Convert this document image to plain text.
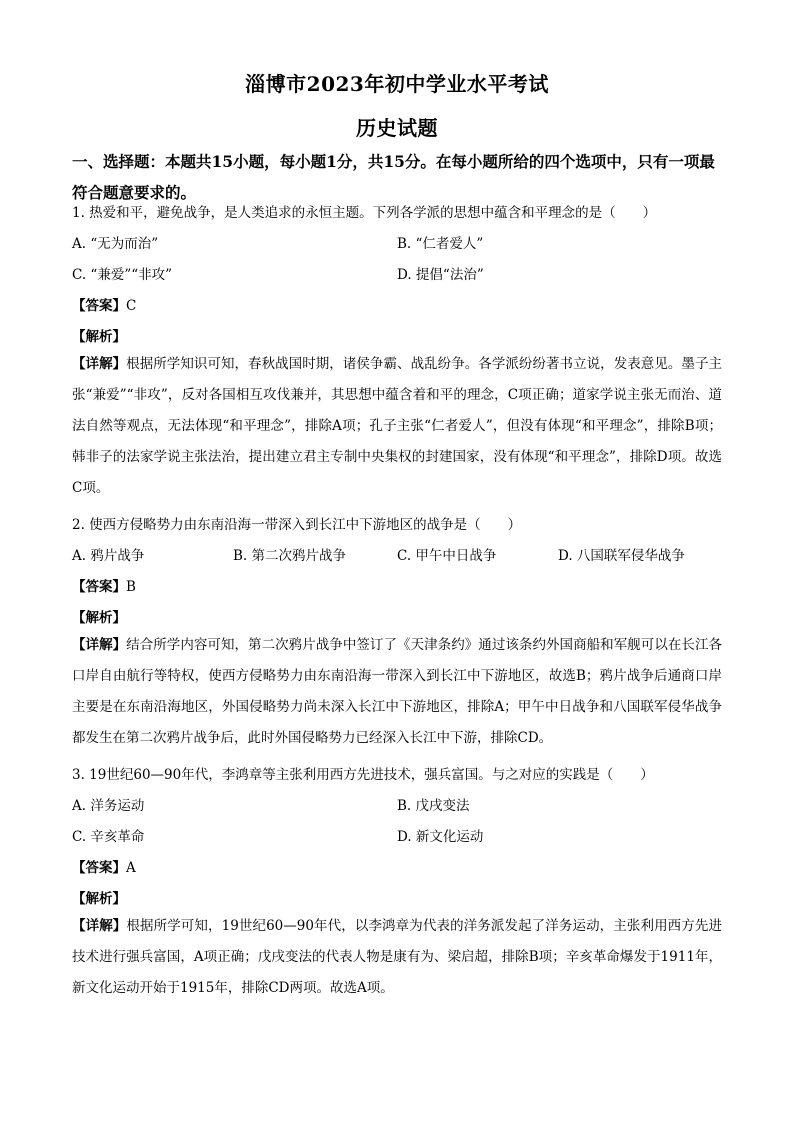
淄博市2023年初中学业水平考试
历史试题
一、选择题：本题共15小题，每小题1分，共15分。在每小题所给的四个选项中，只有一项最符合题意要求的。
1. 热爱和平，避免战争，是人类追求的永恒主题。下列各学派的思想中蕴含和平理念的是（　　）
A. “无为而治”	B. “仁者爱人”
C. “兼爱”“非攻”	D. 提倡“法治”
【答案】C
【解析】
【详解】根据所学知识可知，春秋战国时期，诸侯争霸、战乱纷争。各学派纷纷著书立说，发表意见。墨子主张“兼爱”“非攻”，反对各国相互攻伐兼并，其思想中蕴含着和平的理念，C项正确；道家学说主张无而治、道法自然等观点，无法体现“和平理念”，排除A项；孔子主张“仁者爱人”，但没有体现“和平理念”，排除B项；韩非子的法家学说主张法治，提出建立君主专制中央集权的封建国家，没有体现“和平理念”，排除D项。故选C项。
2. 使西方侵略势力由东南沿海一带深入到长江中下游地区的战争是（　　）
A. 鸦片战争	B. 第二次鸦片战争	C. 甲午中日战争	D. 八国联军侵华战争
【答案】B
【解析】
【详解】结合所学内容可知，第二次鸦片战争中签订了《天津条约》通过该条约外国商船和军舰可以在长江各口岸自由航行等特权，使西方侵略势力由东南沿海一带深入到长江中下游地区，故选B；鸦片战争后通商口岸主要是在东南沿海地区，外国侵略势力尚未深入长江中下游地区，排除A；甲午中日战争和八国联军侵华战争都发生在第二次鸦片战争后，此时外国侵略势力已经深入长江中下游，排除CD。
3. 19世纪60—90年代，李鸿章等主张利用西方先进技术，强兵富国。与之对应的实践是（　　）
A. 洋务运动	B. 戊戌变法
C. 辛亥革命	D. 新文化运动
【答案】A
【解析】
【详解】根据所学可知，19世纪60—90年代，以李鸿章为代表的洋务派发起了洋务运动，主张利用西方先进技术进行强兵富国，A项正确；戊戌变法的代表人物是康有为、梁启超，排除B项；辛亥革命爆发于1911年，新文化运动开始于1915年，排除CD两项。故选A项。
